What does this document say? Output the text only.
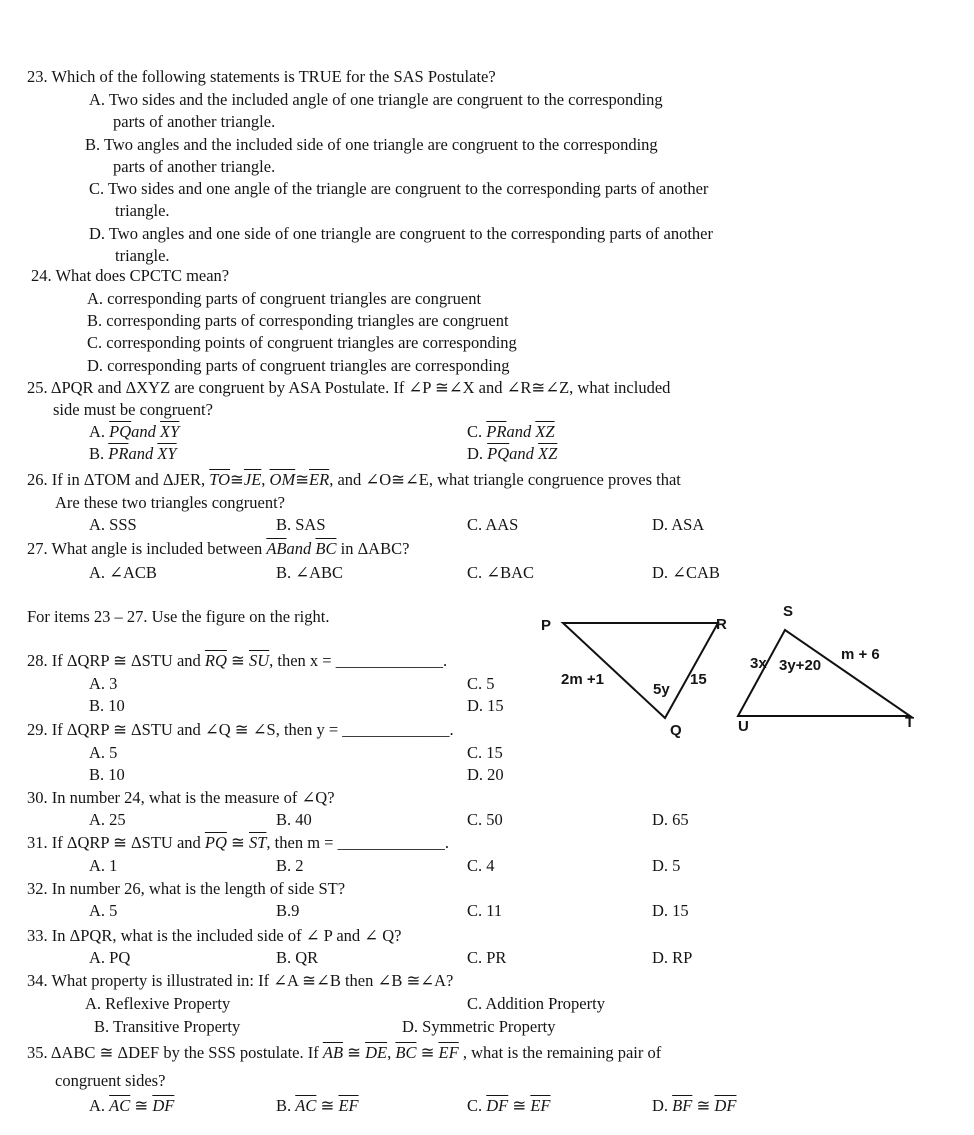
23. Which of the following statements is TRUE for the SAS Postulate?
A. Two sides and the included angle of one triangle are congruent to the corresponding
parts of another triangle.
B. Two angles and the included side of one triangle are congruent to the corresponding
parts of another triangle.
C. Two sides and one angle of the triangle are congruent to the corresponding parts of another
triangle.
D. Two angles and one side of one triangle are congruent to the corresponding parts of another
triangle.
24. What does CPCTC mean?
A. corresponding parts of congruent triangles are congruent
B. corresponding parts of corresponding triangles are congruent
C. corresponding points of congruent triangles are corresponding
D. corresponding parts of congruent triangles are corresponding
25. ΔPQR and ΔXYZ are congruent by ASA Postulate. If ∠P ≅∠X and ∠R≅∠Z, what included
side must be congruent?
A. $\overline{PQ}and$ $\overline{XY}$	C. $\overline{PR}and$ $\overline{XZ}$
B. $\overline{PR}and$ $\overline{XY}$	D. $\overline{PQ}and$ $\overline{XZ}$
26. If in ΔTOM and ΔJER, $\overline{TO}≅\overline{JE}$, $\overline{OM}≅\overline{ER}$, and ∠O≅∠E, what triangle congruence proves that
Are these two triangles congruent?
A. SSS	B. SAS	C. AAS	D. ASA
27. What angle is included between $\overline{AB}and$ $\overline{BC}$ in ΔABC?
A. ∠ACB	B. ∠ABC	C. ∠BAC	D. ∠CAB
For items 23 – 27. Use the figure on the right.
28. If ΔQRP ≅ ΔSTU and $\overline{RQ}$ ≅ $\overline{SU}$, then x = _____________.
A. 3	C. 5
B. 10	D. 15
29. If ΔQRP ≅ ΔSTU and ∠Q ≅ ∠S, then y = _____________.
A. 5	C. 15
B. 10	D. 20
30. In number 24, what is the measure of ∠Q?
A. 25	B. 40	C. 50	D. 65
31. If ΔQRP ≅ ΔSTU and $\overline{PQ}$ ≅ $\overline{ST}$, then m = _____________.
A. 1	B. 2	C. 4	D. 5
32. In number 26, what is the length of side ST?
A. 5	B.9	C. 11	D. 15
33. In ΔPQR, what is the included side of ∠ P and ∠ Q?
A. PQ	B. QR	C. PR	D. RP
34. What property is illustrated in: If ∠A ≅∠B then ∠B ≅∠A?
A. Reflexive Property	C. Addition Property
B. Transitive Property	D. Symmetric Property
35. ΔABC ≅ ΔDEF by the SSS postulate. If $\overline{AB}$ ≅ $\overline{DE}$, $\overline{BC}$ ≅ $\overline{EF}$ , what is the remaining pair of
congruent sides?
A. $\overline{AC}$ ≅ $\overline{DF}$	B. $\overline{AC}$ ≅ $\overline{EF}$	C. $\overline{DF}$ ≅ $\overline{EF}$	D. $\overline{BF}$ ≅ $\overline{DF}$
P	R
Q
2m +1
5y
15
S
U	T
3x 3y+20
m + 6
